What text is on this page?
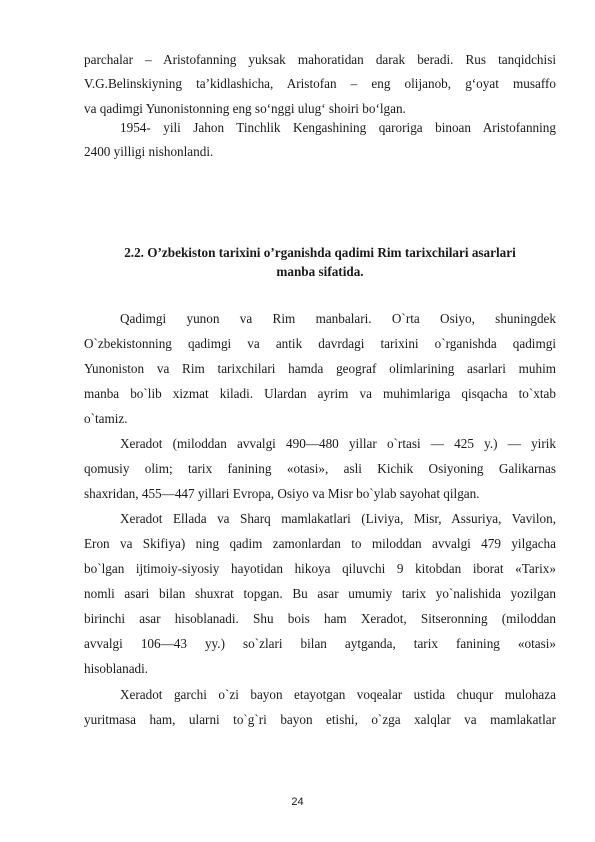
parchalar – Aristofanning yuksak mahoratidan darak beradi. Rus tanqidchisi
V.G.Belinskiyning ta’kidlashicha, Aristofan – eng olijanob, g‘oyat musaffo
va qadimgi Yunonistonning eng so‘nggi ulug‘ shoiri bo‘lgan.
1954- yili Jahon Tinchlik Kengashining qaroriga binoan Aristofanning
2400 yilligi nishonlandi.
2.2. O’zbekiston tarixini o’rganishda qadimi Rim tarixchilari asarlari
manba sifatida.
Qadimgi yunon va Rim manbalari. O`rta Osiyo, shuningdek
O`zbekistonning qadimgi va antik davrdagi tarixini o`rganishda qadimgi
Yunoniston va Rim tarixchilari hamda geograf olimlarining asarlari muhim
manba bo`lib xizmat kiladi. Ulardan ayrim va muhimlariga qisqacha to`xtab
o`tamiz.
Xeradot (miloddan avvalgi 490—480 yillar o`rtasi — 425 y.) — yirik
qomusiy olim; tarix fanining «otasi», asli Kichik Osiyoning Galikarnas
shaxridan, 455—447 yillari Evropa, Osiyo va Misr bo`ylab sayohat qilgan.
Xeradot Ellada va Sharq mamlakatlari (Liviya, Misr, Assuriya, Vavilon,
Eron va Skifiya) ning qadim zamonlardan to miloddan avvalgi 479 yilgacha
bo`lgan ijtimoiy-siyosiy hayotidan hikoya qiluvchi 9 kitobdan iborat «Tarix»
nomli asari bilan shuxrat topgan. Bu asar umumiy tarix yo`nalishida yozilgan
birinchi asar hisoblanadi. Shu bois ham Xeradot, Sitseronning (miloddan
avvalgi 106—43 yy.) so`zlari bilan aytganda, tarix fanining «otasi»
hisoblanadi.
Xeradot garchi o`zi bayon etayotgan voqealar ustida chuqur mulohaza
yuritmasa ham, ularni to`g`ri bayon etishi, o`zga xalqlar va mamlakatlar
24
